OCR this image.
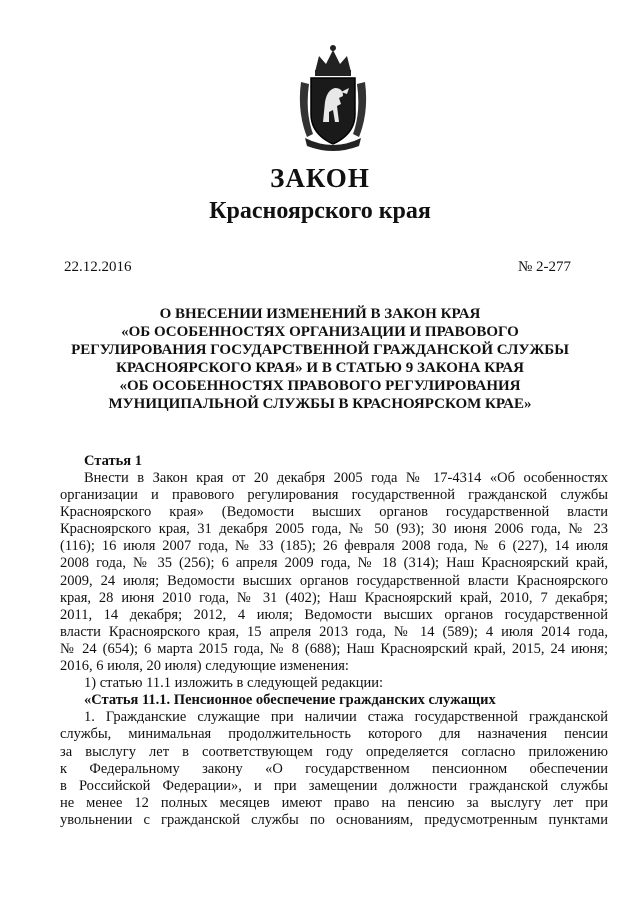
ЗАКОН
Красноярского края
22.12.2016	№ 2-277
О ВНЕСЕНИИ ИЗМЕНЕНИЙ В ЗАКОН КРАЯ
«ОБ ОСОБЕННОСТЯХ ОРГАНИЗАЦИИ И ПРАВОВОГО
РЕГУЛИРОВАНИЯ ГОСУДАРСТВЕННОЙ ГРАЖДАНСКОЙ СЛУЖБЫ
КРАСНОЯРСКОГО КРАЯ» И В СТАТЬЮ 9 ЗАКОНА КРАЯ
«ОБ ОСОБЕННОСТЯХ ПРАВОВОГО РЕГУЛИРОВАНИЯ
МУНИЦИПАЛЬНОЙ СЛУЖБЫ В КРАСНОЯРСКОМ КРАЕ»
Статья 1
Внести в Закон края от 20 декабря 2005 года № 17-4314 «Об особенностях
организации и правового регулирования государственной гражданской службы
Красноярского края» (Ведомости высших органов государственной власти
Красноярского края, 31 декабря 2005 года, № 50 (93); 30 июня 2006 года, № 23
(116); 16 июля 2007 года, № 33 (185); 26 февраля 2008 года, № 6 (227), 14 июля
2008 года, № 35 (256); 6 апреля 2009 года, № 18 (314); Наш Красноярский край,
2009, 24 июля; Ведомости высших органов государственной власти Красноярского
края, 28 июня 2010 года, № 31 (402); Наш Красноярский край, 2010, 7 декабря;
2011, 14 декабря; 2012, 4 июля; Ведомости высших органов государственной
власти Красноярского края, 15 апреля 2013 года, № 14 (589); 4 июля 2014 года,
№ 24 (654); 6 марта 2015 года, № 8 (688); Наш Красноярский край, 2015, 24 июня;
2016, 6 июля, 20 июля) следующие изменения:
1) статью 11.1 изложить в следующей редакции:
«Статья 11.1. Пенсионное обеспечение гражданских служащих
1. Гражданские служащие при наличии стажа государственной гражданской
службы, минимальная продолжительность которого для назначения пенсии
за выслугу лет в соответствующем году определяется согласно приложению
к Федеральному закону «О государственном пенсионном обеспечении
в Российской Федерации», и при замещении должности гражданской службы
не менее 12 полных месяцев имеют право на пенсию за выслугу лет при
увольнении с гражданской службы по основаниям, предусмотренным пунктами
